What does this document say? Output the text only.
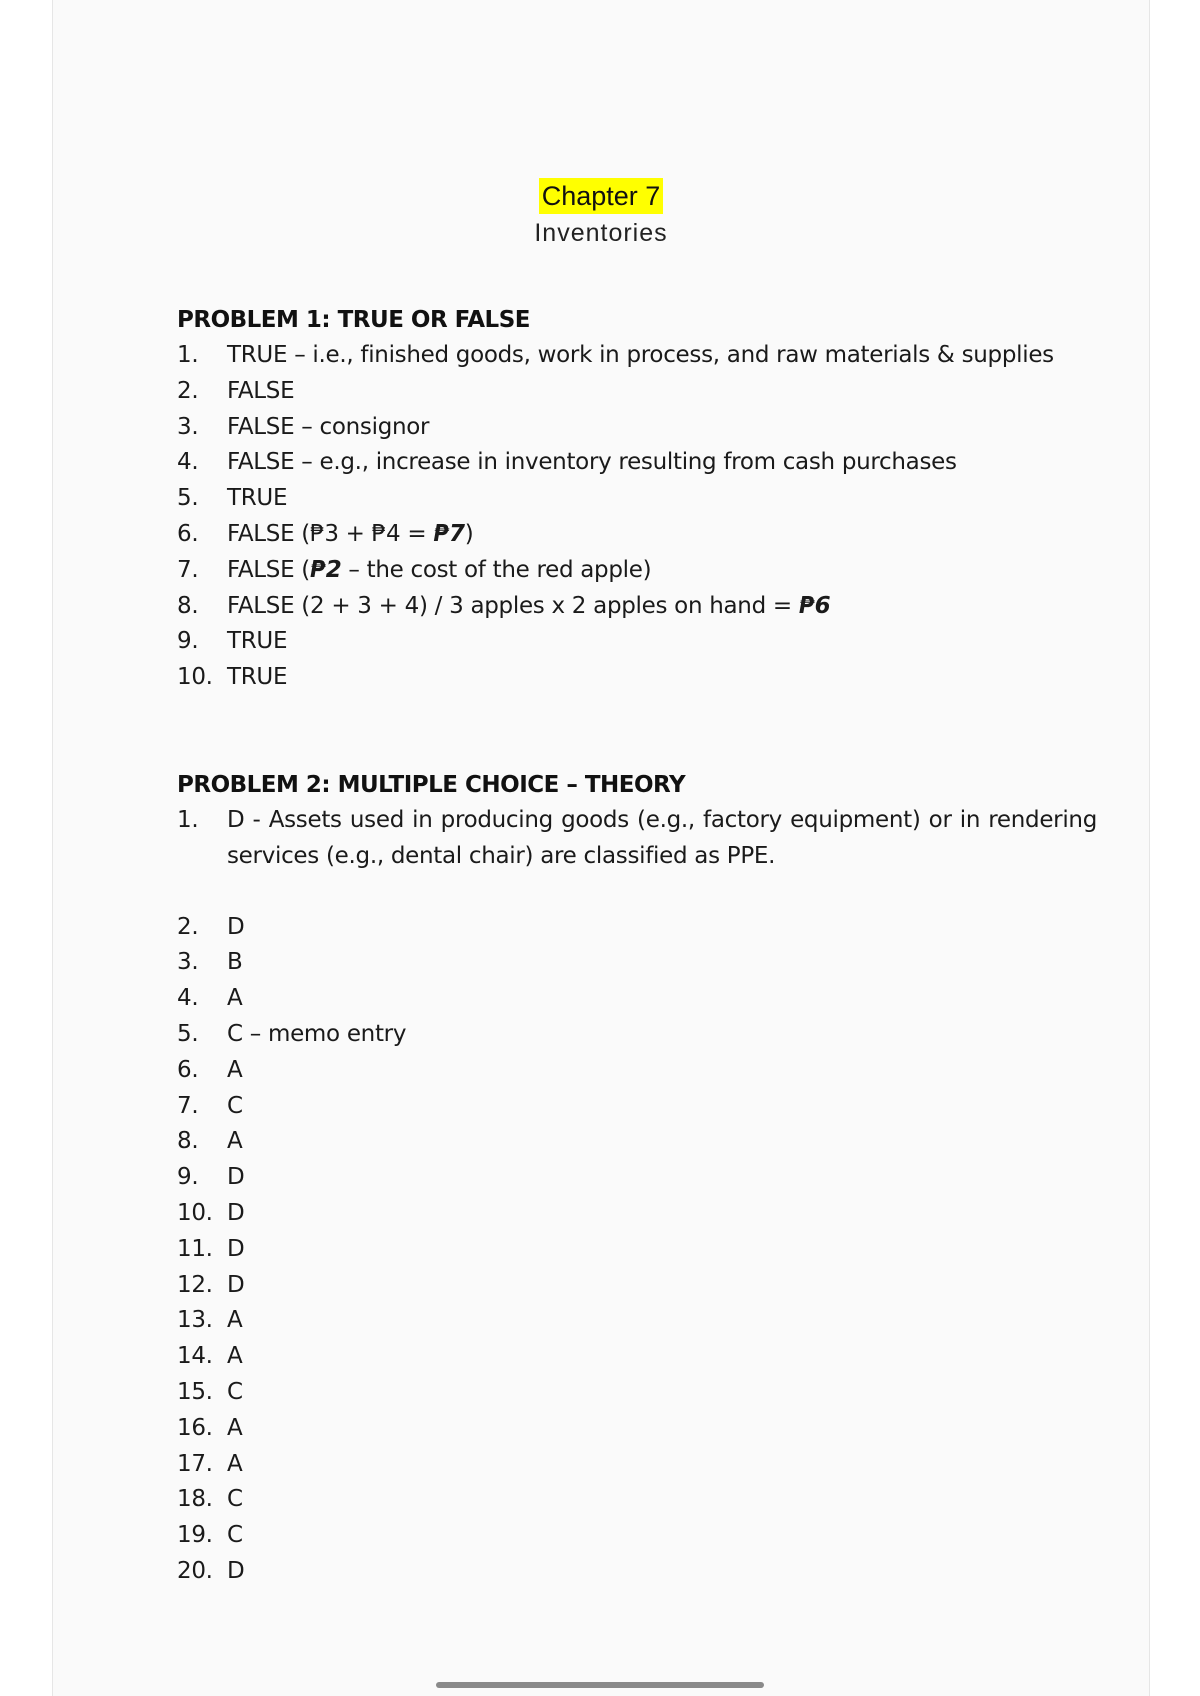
Chapter 7
Inventories
PROBLEM 1: TRUE OR FALSE
1.	TRUE – i.e., finished goods, work in process, and raw materials & supplies
2.	FALSE
3.	FALSE – consignor
4.	FALSE – e.g., increase in inventory resulting from cash purchases
5.	TRUE
6.	FALSE (₱3 + ₱4 = ₱7)
7.	FALSE (₱2 – the cost of the red apple)
8.	FALSE (2 + 3 + 4) / 3 apples x 2 apples on hand = ₱6
9.	TRUE
10. TRUE
PROBLEM 2: MULTIPLE CHOICE – THEORY
1.	D - Assets used in producing goods (e.g., factory equipment) or in rendering services (e.g., dental chair) are classified as PPE.
2.	D
3.	B
4.	A
5.	C – memo entry
6.	A
7.	C
8.	A
9.	D
10. D
11. D
12. D
13. A
14. A
15. C
16. A
17. A
18. C
19. C
20. D
